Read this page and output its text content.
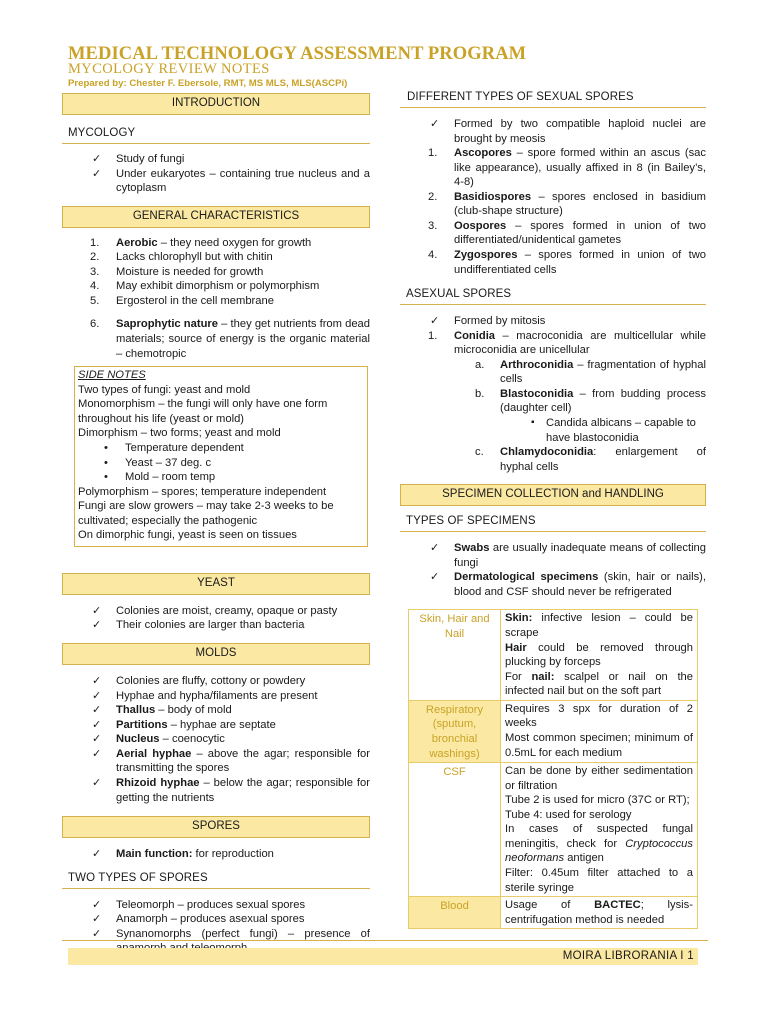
MEDICAL TECHNOLOGY ASSESSMENT PROGRAM
MYCOLOGY REVIEW NOTES
Prepared by: Chester F. Ebersole, RMT, MS MLS, MLS(ASCPi)
INTRODUCTION
MYCOLOGY
✓ Study of fungi
✓ Under eukaryotes – containing true nucleus and a cytoplasm
GENERAL CHARACTERISTICS
1. Aerobic – they need oxygen for growth
2. Lacks chlorophyll but with chitin
3. Moisture is needed for growth
4. May exhibit dimorphism or polymorphism
5. Ergosterol in the cell membrane
6. Saprophytic nature – they get nutrients from dead materials; source of energy is the organic material – chemotropic
SIDE NOTES
Two types of fungi: yeast and mold
Monomorphism – the fungi will only have one form throughout his life (yeast or mold)
Dimorphism – two forms; yeast and mold
• Temperature dependent
• Yeast – 37 deg. c
• Mold – room temp
Polymorphism – spores; temperature independent
Fungi are slow growers – may take 2-3 weeks to be cultivated; especially the pathogenic
On dimorphic fungi, yeast is seen on tissues
YEAST
✓ Colonies are moist, creamy, opaque or pasty
✓ Their colonies are larger than bacteria
MOLDS
✓ Colonies are fluffy, cottony or powdery
✓ Hyphae and hypha/filaments are present
✓ Thallus – body of mold
✓ Partitions – hyphae are septate
✓ Nucleus – coenocytic
✓ Aerial hyphae – above the agar; responsible for transmitting the spores
✓ Rhizoid hyphae – below the agar; responsible for getting the nutrients
SPORES
✓ Main function: for reproduction
TWO TYPES OF SPORES
✓ Teleomorph – produces sexual spores
✓ Anamorph – produces asexual spores
✓ Synanomorphs (perfect fungi) – presence of
DIFFERENT TYPES OF SEXUAL SPORES
✓ Formed by two compatible haploid nuclei are brought by meosis
1. Ascopores – spore formed within an ascus (sac like appearance), usually affixed in 8 (in Bailey’s, 4-8)
2. Basidiospores – spores enclosed in basidium (club-shape structure)
3. Oospores – spores formed in union of two differentiated/unidentical gametes
4. Zygospores – spores formed in union of two undifferentiated cells
ASEXUAL SPORES
✓ Formed by mitosis
1. Conidia – macroconidia are multicellular while microconidia are unicellular
a. Arthroconidia – fragmentation of hyphal cells
b. Blastoconidia – from budding process (daughter cell)
▪ Candida albicans – capable to have blastoconidia
c. Chlamydoconidia: enlargement of hyphal cells
SPECIMEN COLLECTION and HANDLING
TYPES OF SPECIMENS
✓ Swabs are usually inadequate means of collecting fungi
✓ Dermatological specimens (skin, hair or nails), blood and CSF should never be refrigerated
Skin, Hair and Nail	Skin: infective lesion – could be scrape
Hair could be removed through plucking by forceps
For nail: scalpel or nail on the infected nail but on the soft part

Respiratory (sputum, bronchial washings)	Requires 3 spx for duration of 2 weeks
Most common specimen; minimum of 0.5mL for each medium

CSF	Can be done by either sedimentation or filtration
Tube 2 is used for micro (37C or RT);
Tube 4: used for serology
In cases of suspected fungal meningitis, check for Cryptococcus neoformans antigen
Filter: 0.45um filter attached to a sterile syringe

Blood	Usage of BACTEC; lysis-centrifugation method is needed
MOIRA LIBRORANIA I 1
